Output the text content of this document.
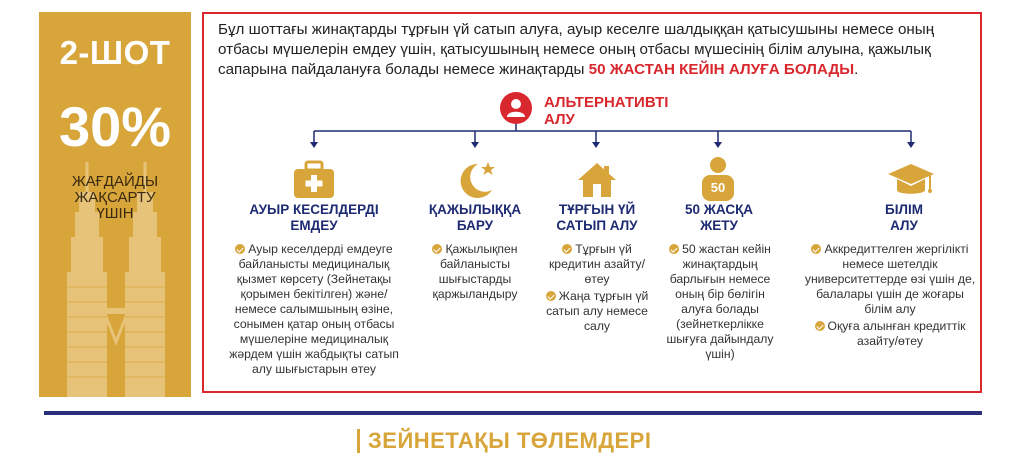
2-ШОТ
30%
ЖАҒДАЙДЫ
ЖАҚСАРТУ
ҮШІН
Бұл шоттағы жинақтарды тұрғын үй сатып алуға, ауыр кеселге шалдыққан қатысушыны немесе оның отбасы мүшелерін емдеу үшін, қатысушының немесе оның отбасы мүшесінің білім алуына, қажылық сапарына пайдалануға болады немесе жинақтарды 50 ЖАСТАН КЕЙІН АЛУҒА БОЛАДЫ.
АЛЬТЕРНАТИВТІ
АЛУ
АУЫР КЕСЕЛДЕРДІ
ЕМДЕУ
Ауыр кеселдерді емдеуге байланысты медициналық қызмет көрсету (Зейнетақы қорымен бекітілген) және/ немесе салымшының өзіне, сонымен қатар оның отбасы мүшелеріне медициналық жәрдем үшін жабдықты сатып алу шығыстарын өтеу
ҚАЖЫЛЫҚҚА
БАРУ
Қажылықпен байланысты шығыстарды қаржыландыру
ТҰРҒЫН ҮЙ
САТЫП АЛУ
Тұрғын үй кредитин азайту/ өтеу
Жаңа тұрғын үй сатып алу немесе салу
50
50 ЖАСҚА
ЖЕТУ
50 жастан кейін жинақтардың барлығын немесе оның бір бөлігін алуға болады (зейнеткерлікке шығуға дайындалу үшін)
БІЛІМ
АЛУ
Аккредиттелген жергілікті немесе шетелдік университеттерде өзі үшін де, балалары үшін де жоғары білім алу
Оқуға алынған кредиттік азайту/өтеу
ЗЕЙНЕТАҚЫ ТӨЛЕМДЕРІ
